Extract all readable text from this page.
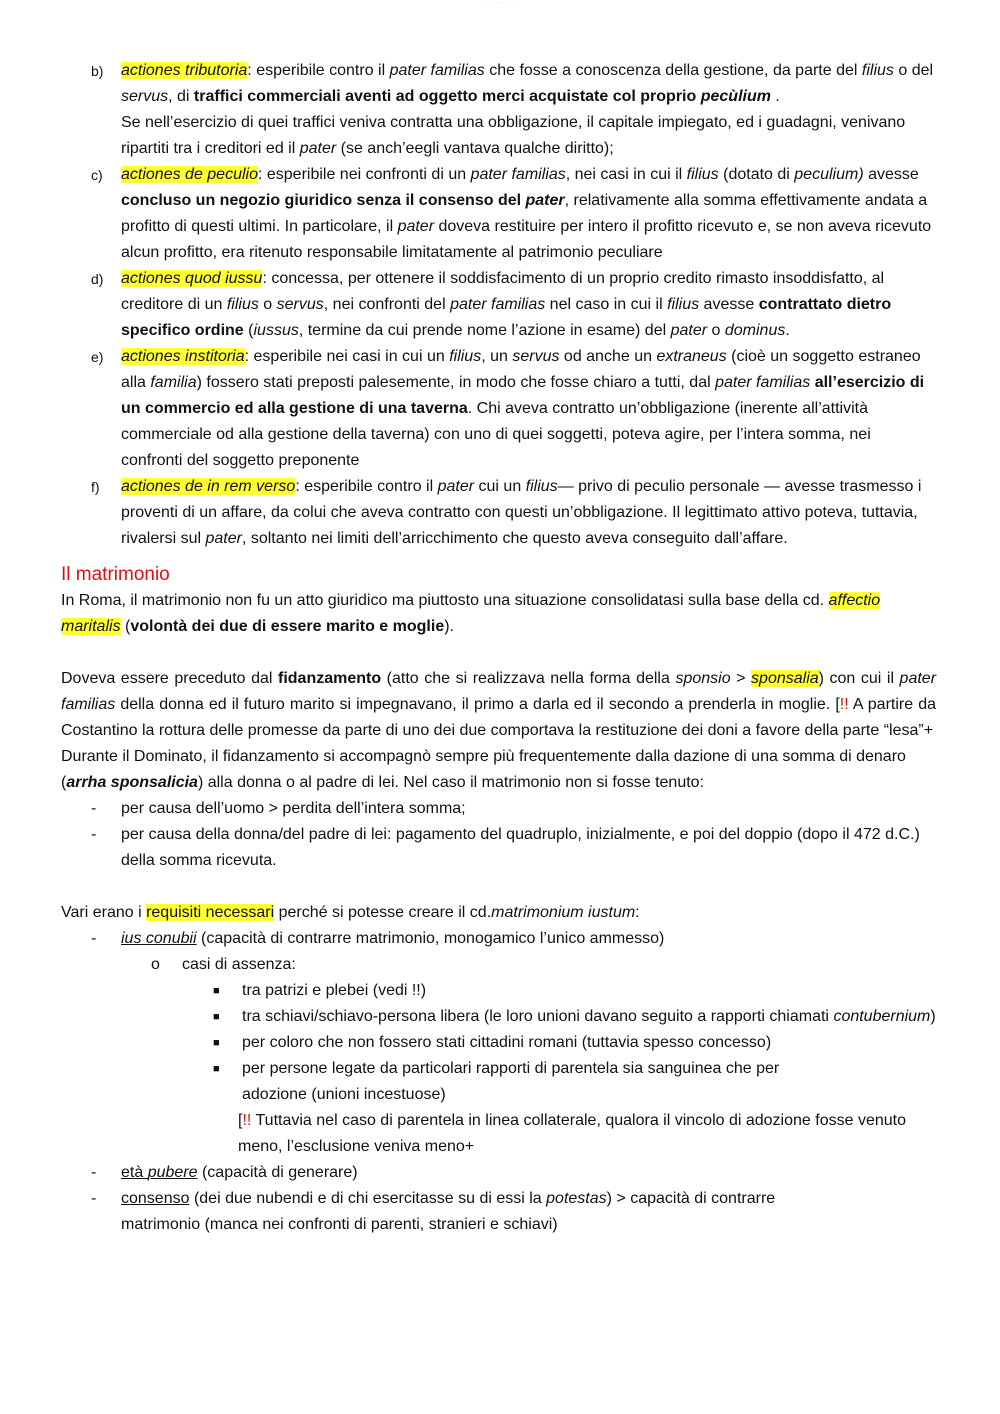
· · · · · · · · ·
b) actiones tributoria: esperibile contro il pater familias che fosse a conoscenza della gestione, da parte del filius o del servus, di traffici commerciali aventi ad oggetto merci acquistate col proprio pecùlium .
Se nell’esercizio di quei traffici veniva contratta una obbligazione, il capitale impiegato, ed i guadagni, venivano ripartiti tra i creditori ed il pater (se anch’eegli vantava qualche diritto);
c) actiones de peculio: esperibile nei confronti di un pater familias, nei casi in cui il filius (dotato di peculium) avesse concluso un negozio giuridico senza il consenso del pater, relativamente alla somma effettivamente andata a profitto di questi ultimi. In particolare, il pater doveva restituire per intero il profitto ricevuto e, se non aveva ricevuto alcun profitto, era ritenuto responsabile limitatamente al patrimonio peculiare
d) actiones quod iussu: concessa, per ottenere il soddisfacimento di un proprio credito rimasto insoddisfatto, al creditore di un filius o servus, nei confronti del pater familias nel caso in cui il filius avesse contrattato dietro specifico ordine (iussus, termine da cui prende nome l’azione in esame) del pater o dominus.
e) actiones institoria: esperibile nei casi in cui un filius, un servus od anche un extraneus (cioè un soggetto estraneo alla familia) fossero stati preposti palesemente, in modo che fosse chiaro a tutti, dal pater familias all’esercizio di un commercio ed alla gestione di una taverna. Chi aveva contratto un’obbligazione (inerente all’attività commerciale od alla gestione della taverna) con uno di quei soggetti, poteva agire, per l’intera somma, nei confronti del soggetto preponente
f) actiones de in rem verso: esperibile contro il pater cui un filius— privo di peculio personale — avesse trasmesso i proventi di un affare, da colui che aveva contratto con questi un’obbligazione. Il legittimato attivo poteva, tuttavia, rivalersi sul pater, soltanto nei limiti dell’arricchimento che questo aveva conseguito dall’affare.
Il matrimonio

In Roma, il matrimonio non fu un atto giuridico ma piuttosto una situazione consolidatasi sulla base della cd. affectio maritalis (volontà dei due di essere marito e moglie).

Doveva essere preceduto dal fidanzamento (atto che si realizzava nella forma della sponsio > sponsalia) con cui il pater familias della donna ed il futuro marito si impegnavano, il primo a darla ed il secondo a prenderla in moglie. [!! A partire da Costantino la rottura delle promesse da parte di uno dei due comportava la restituzione dei doni a favore della parte “lesa”+

Durante il Dominato, il fidanzamento si accompagnò sempre più frequentemente dalla dazione di una somma di denaro (arrha sponsalicia) alla donna o al padre di lei. Nel caso il matrimonio non si fosse tenuto:

- per causa dell’uomo > perdita dell’intera somma;
- per causa della donna/del padre di lei: pagamento del quadruplo, inizialmente, e poi del doppio (dopo il 472 d.C.) della somma ricevuta.

Vari erano i requisiti necessari perché si potesse creare il cd.matrimonium iustum:

- ius conubii (capacità di contrarre matrimonio, monogamico l’unico ammesso)
o casi di assenza:
■ tra patrizi e plebei (vedi !!)
■ tra schiavi/schiavo-persona libera (le loro unioni davano seguito a rapporti chiamati contubernium)
■ per coloro che non fossero stati cittadini romani (tuttavia spesso concesso)
■ per persone legate da particolari rapporti di parentela sia sanguinea che per adozione (unioni incestuose)
[!! Tuttavia nel caso di parentela in linea collaterale, qualora il vincolo di adozione fosse venuto meno, l’esclusione veniva meno+
- età pubere (capacità di generare)
- consenso (dei due nubendi e di chi esercitasse su di essi la potestas) > capacità di contrarre matrimonio (manca nei confronti di parenti, stranieri e schiavi)
